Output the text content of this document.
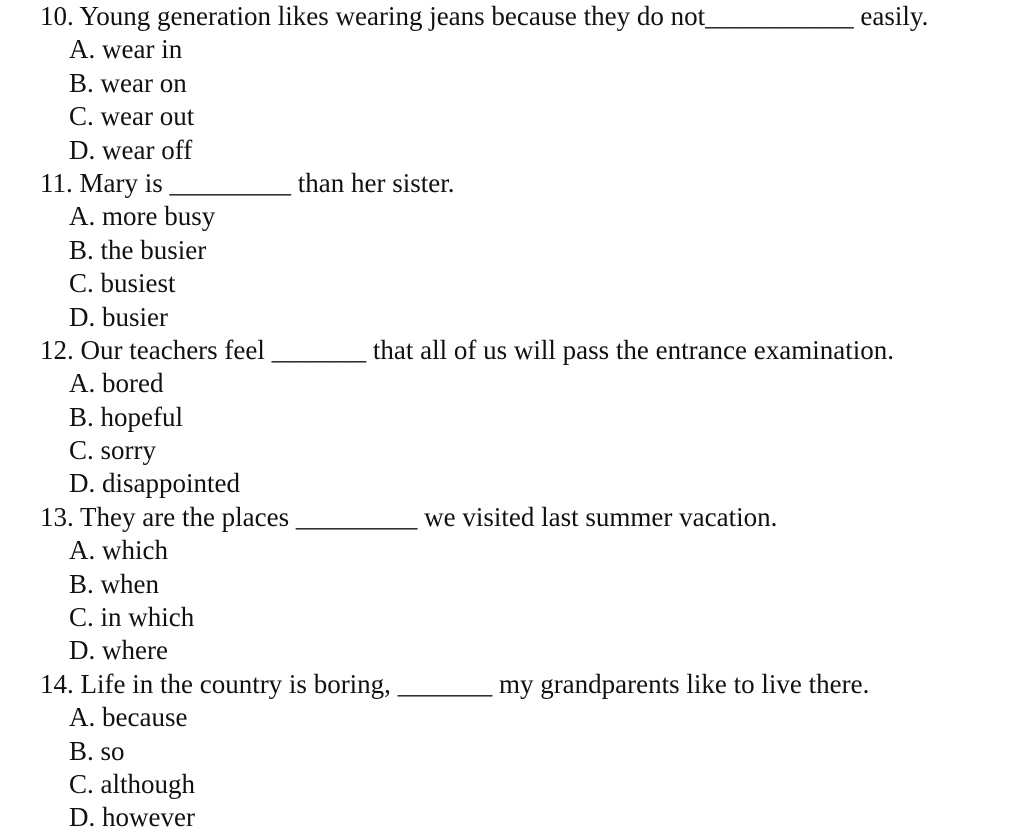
10. Young generation likes wearing jeans because they do not___________ easily.
A. wear in
B. wear on
C. wear out
D. wear off
11. Mary is _________ than her sister.
A. more busy
B. the busier
C. busiest
D. busier
12. Our teachers feel _______ that all of us will pass the entrance examination.
A. bored
B. hopeful
C. sorry
D. disappointed
13. They are the places _________ we visited last summer vacation.
A. which
B. when
C. in which
D. where
14. Life in the country is boring, _______ my grandparents like to live there.
A. because
B. so
C. although
D. however
